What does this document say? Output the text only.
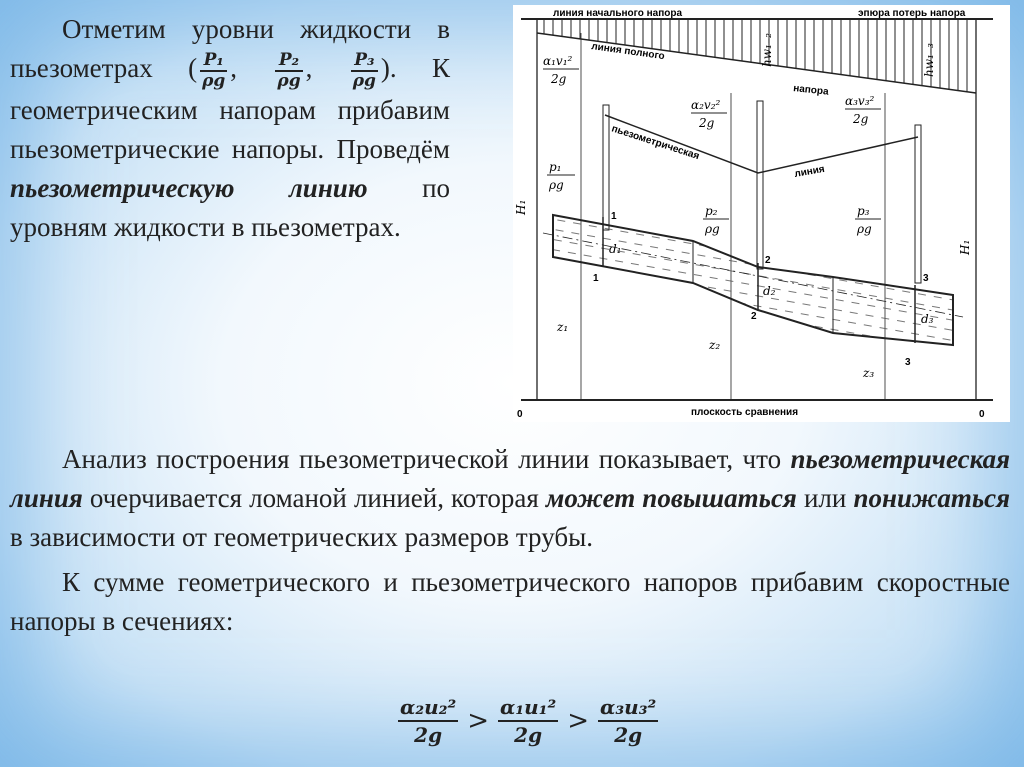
Отметим уровни жидкости в пьезометрах ( $\frac{\text{P₁}}{\rho g}$ , $\frac{\text{P₂}}{\rho g}$ , $\frac{\text{P₃}}{\rho g}$ ). К геометрическим напорам прибавим пьезометрические напоры. Проведём пьезометрическую линию по уровням жидкости в пьезометрах.

линия начального напора	эпюра потерь напора
линия полного
напора
пьезометрическая
линия
1
1
2
2
3
3
d₁
d₂
d₃
α₁v₁²
2g
α₂v₂²
2g
α₃v₃²
2g
p₁
ρg
p₂
ρg
p₃
ρg
z₁
z₂
z₃
H₁
H₁
hw₁₋₂	hw₁₋₃
0	0
плоскость сравнения

Анализ построения пьезометрической линии показывает, что пьезометрическая линия очерчивается ломаной линией, которая может повышаться или понижаться в зависимости от геометрических размеров трубы.

К сумме геометрического и пьезометрического напоров прибавим скоростные напоры в сечениях:

$\frac{\text{α₂u₂²}}{2g} > \frac{\text{α₁u₁²}}{2g} > \frac{\text{α₃u₃²}}{2g}$
